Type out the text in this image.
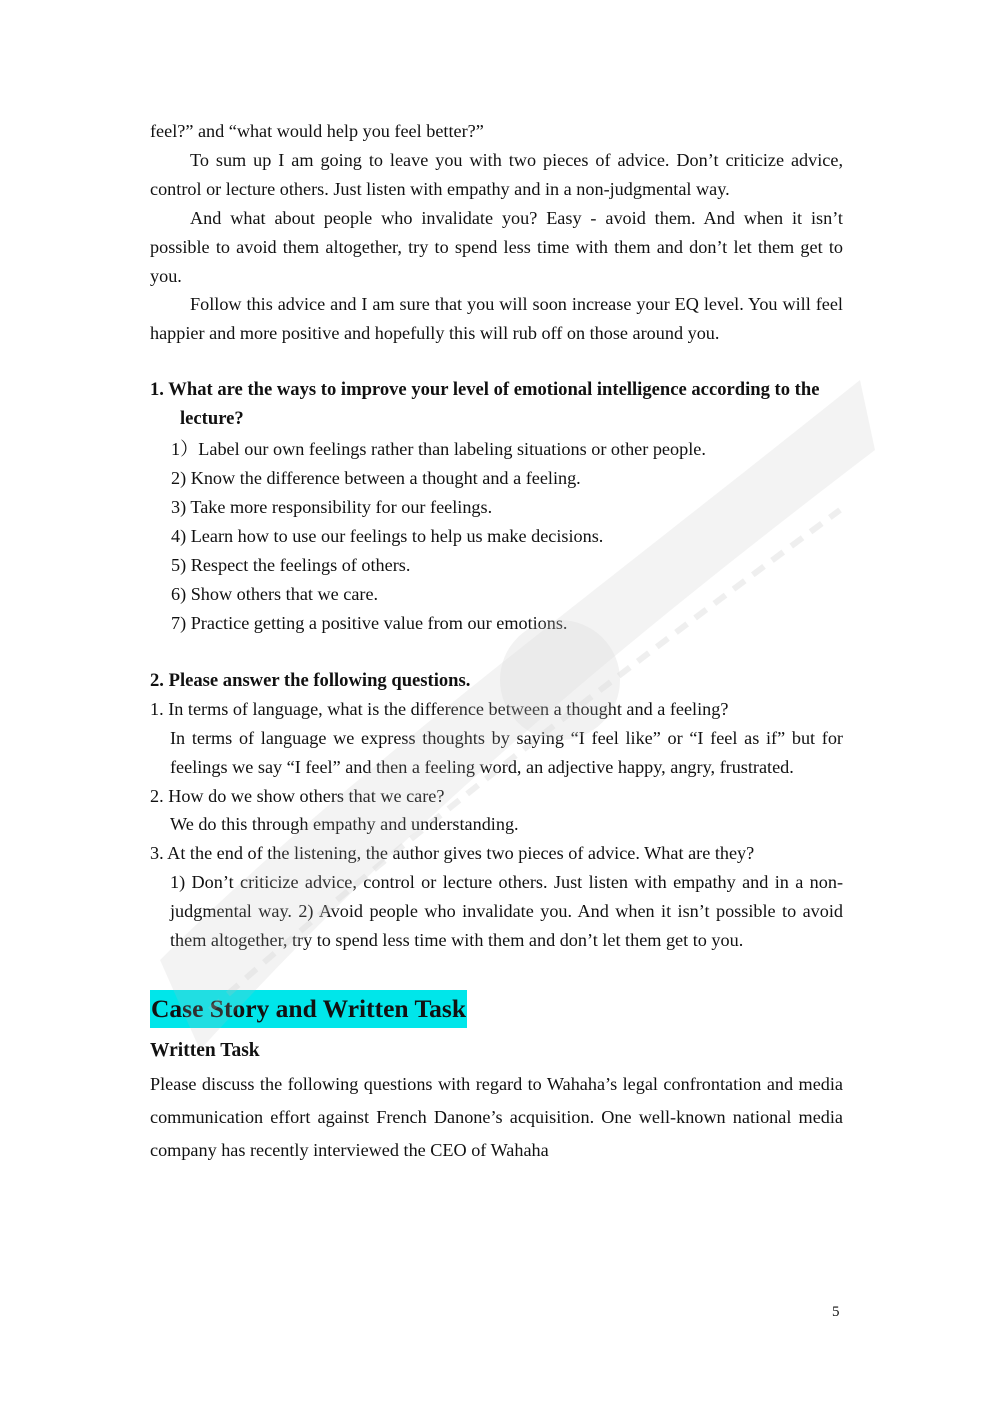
feel?” and “what would help you feel better?”

To sum up I am going to leave you with two pieces of advice. Don’t criticize advice, control or lecture others. Just listen with empathy and in a non-judgmental way.

And what about people who invalidate you? Easy - avoid them. And when it isn’t possible to avoid them altogether, try to spend less time with them and don’t let them get to you.

Follow this advice and I am sure that you will soon increase your EQ level. You will feel happier and more positive and hopefully this will rub off on those around you.

1. What are the ways to improve your level of emotional intelligence according to the lecture?

1）Label our own feelings rather than labeling situations or other people.
2) Know the difference between a thought and a feeling.
3) Take more responsibility for our feelings.
4) Learn how to use our feelings to help us make decisions.
5) Respect the feelings of others.
6) Show others that we care.
7) Practice getting a positive value from our emotions.

2. Please answer the following questions.

1. In terms of language, what is the difference between a thought and a feeling?

In terms of language we express thoughts by saying “I feel like” or “I feel as if” but for feelings we say “I feel” and then a feeling word, an adjective happy, angry, frustrated.

2. How do we show others that we care?

We do this through empathy and understanding.

3. At the end of the listening, the author gives two pieces of advice. What are they?

1) Don’t criticize advice, control or lecture others. Just listen with empathy and in a non-judgmental way. 2) Avoid people who invalidate you. And when it isn’t possible to avoid them altogether, try to spend less time with them and don’t let them get to you.

Case Story and Written Task

Written Task

Please discuss the following questions with regard to Wahaha’s legal confrontation and media communication effort against French Danone’s acquisition. One well-known national media company has recently interviewed the CEO of Wahaha

5
